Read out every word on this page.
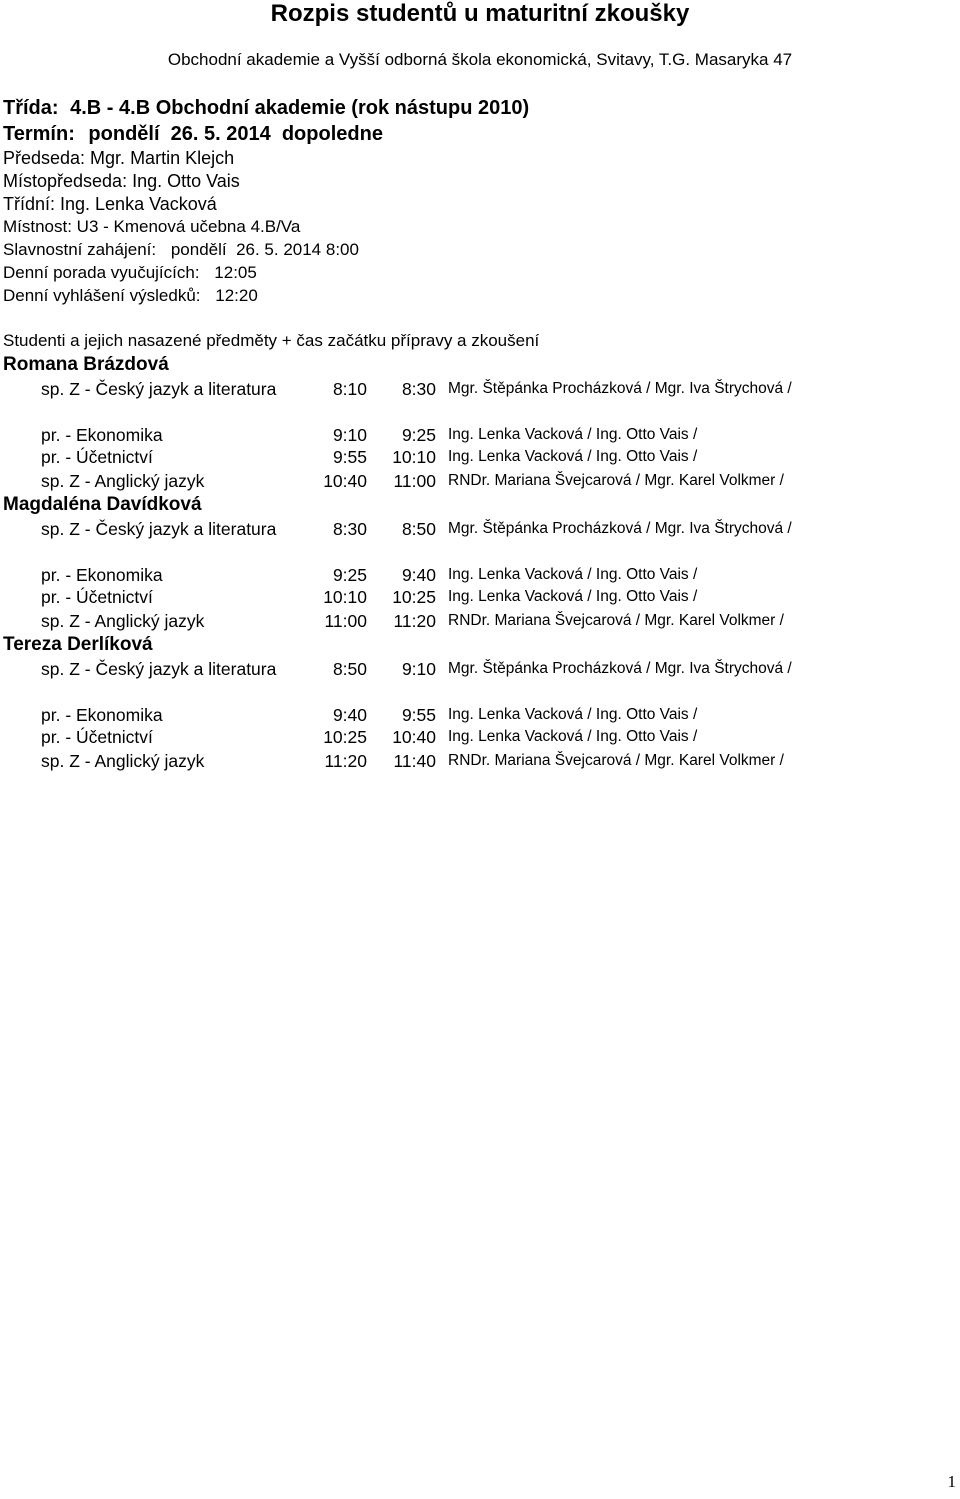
Rozpis studentů u maturitní zkoušky
Obchodní akademie a Vyšší odborná škola ekonomická, Svitavy, T.G. Masaryka 47
Třída: 4.B - 4.B Obchodní akademie (rok nástupu 2010)
Termín: pondělí  26. 5. 2014  dopoledne
Předseda: Mgr. Martin Klejch
Místopředseda: Ing. Otto Vais
Třídní: Ing. Lenka Vacková
Místnost: U3 - Kmenová učebna 4.B/Va
Slavnostní zahájení: pondělí  26. 5. 2014 8:00
Denní porada vyučujících: 12:05
Denní vyhlášení výsledků: 12:20
Studenti a jejich nasazené předměty + čas začátku přípravy a zkoušení
Romana Brázdová
sp. Z - Český jazyk a literatura	8:10	8:30 Mgr. Štěpánka Procházková / Mgr. Iva Štrychová /
pr. - Ekonomika	9:10	9:25 Ing. Lenka Vacková / Ing. Otto Vais /
pr. - Účetnictví	9:55	10:10 Ing. Lenka Vacková / Ing. Otto Vais /
sp. Z - Anglický jazyk	10:40	11:00 RNDr. Mariana Švejcarová / Mgr. Karel Volkmer /
Magdaléna Davídková
sp. Z - Český jazyk a literatura	8:30	8:50 Mgr. Štěpánka Procházková / Mgr. Iva Štrychová /
pr. - Ekonomika	9:25	9:40 Ing. Lenka Vacková / Ing. Otto Vais /
pr. - Účetnictví	10:10	10:25 Ing. Lenka Vacková / Ing. Otto Vais /
sp. Z - Anglický jazyk	11:00	11:20 RNDr. Mariana Švejcarová / Mgr. Karel Volkmer /
Tereza Derlíková
sp. Z - Český jazyk a literatura	8:50	9:10 Mgr. Štěpánka Procházková / Mgr. Iva Štrychová /
pr. - Ekonomika	9:40	9:55 Ing. Lenka Vacková / Ing. Otto Vais /
pr. - Účetnictví	10:25	10:40 Ing. Lenka Vacková / Ing. Otto Vais /
sp. Z - Anglický jazyk	11:20	11:40 RNDr. Mariana Švejcarová / Mgr. Karel Volkmer /
1
